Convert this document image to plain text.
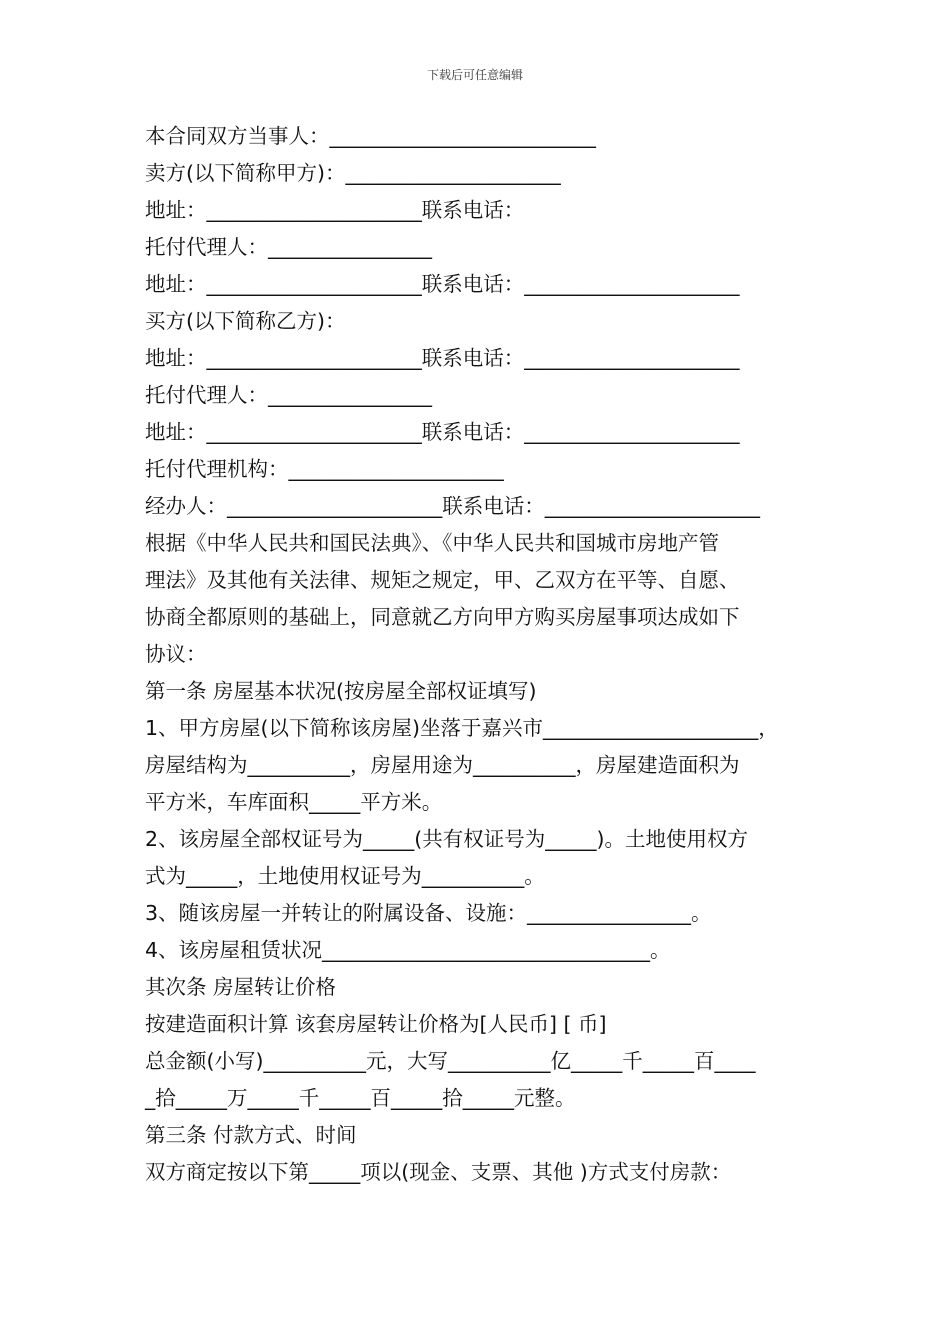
下载后可任意编辑
本合同双方当事人：__________________________
卖方(以下简称甲方)：_____________________
地址：_____________________联系电话：
托付代理人：________________
地址：_____________________联系电话：_____________________
买方(以下简称乙方)：
地址：_____________________联系电话：_____________________
托付代理人：________________
地址：_____________________联系电话：_____________________
托付代理机构：_____________________
经办人：_____________________联系电话：_____________________
根据《中华人民共和国民法典》、《中华人民共和国城市房地产管
理法》及其他有关法律、规矩之规定，甲、乙双方在平等、自愿、
协商全都原则的基础上，同意就乙方向甲方购买房屋事项达成如下
协议：
第一条 房屋基本状况(按房屋全部权证填写)
1、甲方房屋(以下简称该房屋)坐落于嘉兴市_____________________，
房屋结构为__________，房屋用途为__________，房屋建造面积为
平方米，车库面积_____平方米。
2、该房屋全部权证号为_____(共有权证号为_____)。土地使用权方
式为_____，土地使用权证号为__________。
3、随该房屋一并转让的附属设备、设施：________________。
4、该房屋租赁状况________________________________。
其次条 房屋转让价格
按建造面积计算 该套房屋转让价格为[人民币] [ 币]
总金额(小写)__________元，大写__________亿_____千_____百____
_拾_____万_____千_____百_____拾_____元整。
第三条 付款方式、时间
双方商定按以下第_____项以(现金、支票、其他 )方式支付房款：
